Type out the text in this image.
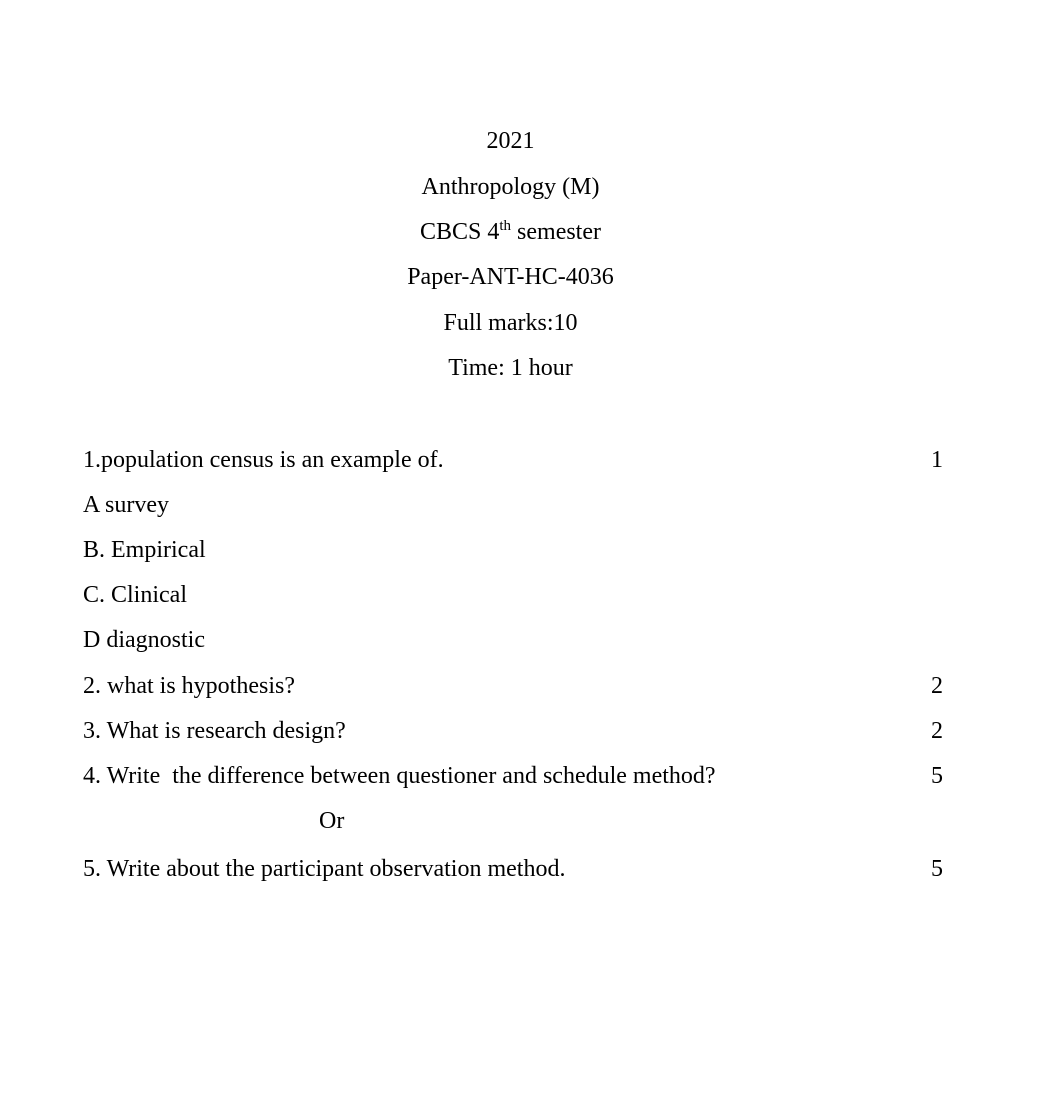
2021
Anthropology (M)
CBCS 4th semester
Paper-ANT-HC-4036
Full marks:10
Time: 1 hour
1.population census is an example of.	1
A survey
B. Empirical
C. Clinical
D diagnostic
2. what is hypothesis?	2
3. What is research design?	2
4. Write  the difference between questioner and schedule method?	5
Or
5. Write about the participant observation method.	5
